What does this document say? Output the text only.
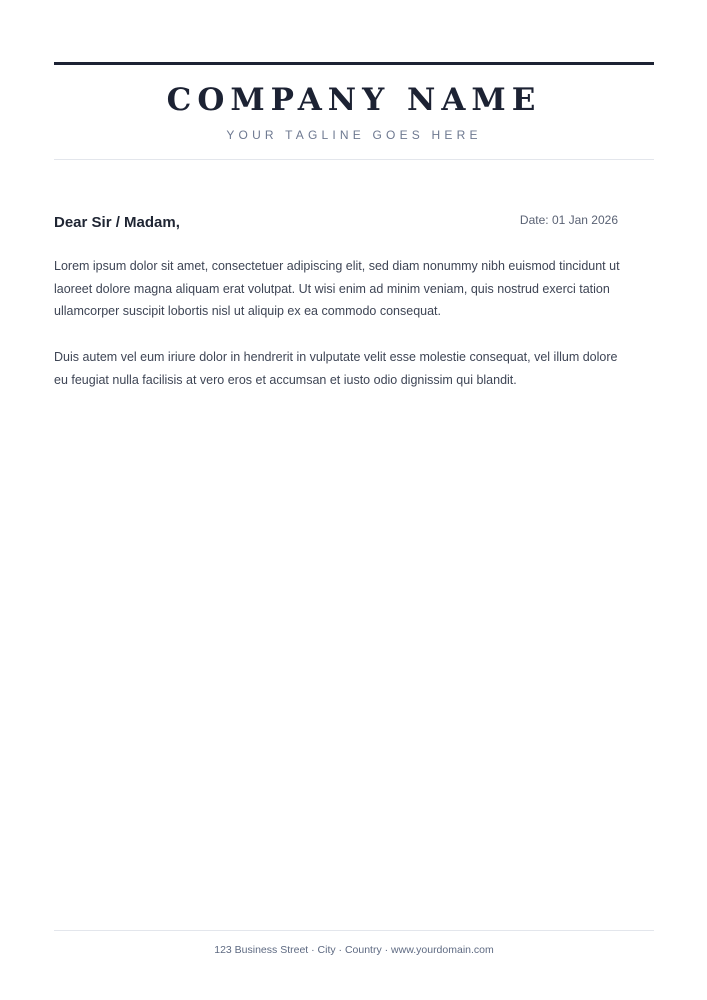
COMPANY NAME
YOUR TAGLINE GOES HERE
Dear Sir / Madam,	Date: 01 Jan 2026

Lorem ipsum dolor sit amet, consectetuer adipiscing elit, sed diam nonummy nibh euismod tincidunt ut laoreet dolore magna aliquam erat volutpat. Ut wisi enim ad minim veniam, quis nostrud exerci tation ullamcorper suscipit lobortis nisl ut aliquip ex ea commodo consequat.

Duis autem vel eum iriure dolor in hendrerit in vulputate velit esse molestie consequat, vel illum dolore eu feugiat nulla facilisis at vero eros et accumsan et iusto odio dignissim qui blandit.

123 Business Street · City · Country · www.yourdomain.com
